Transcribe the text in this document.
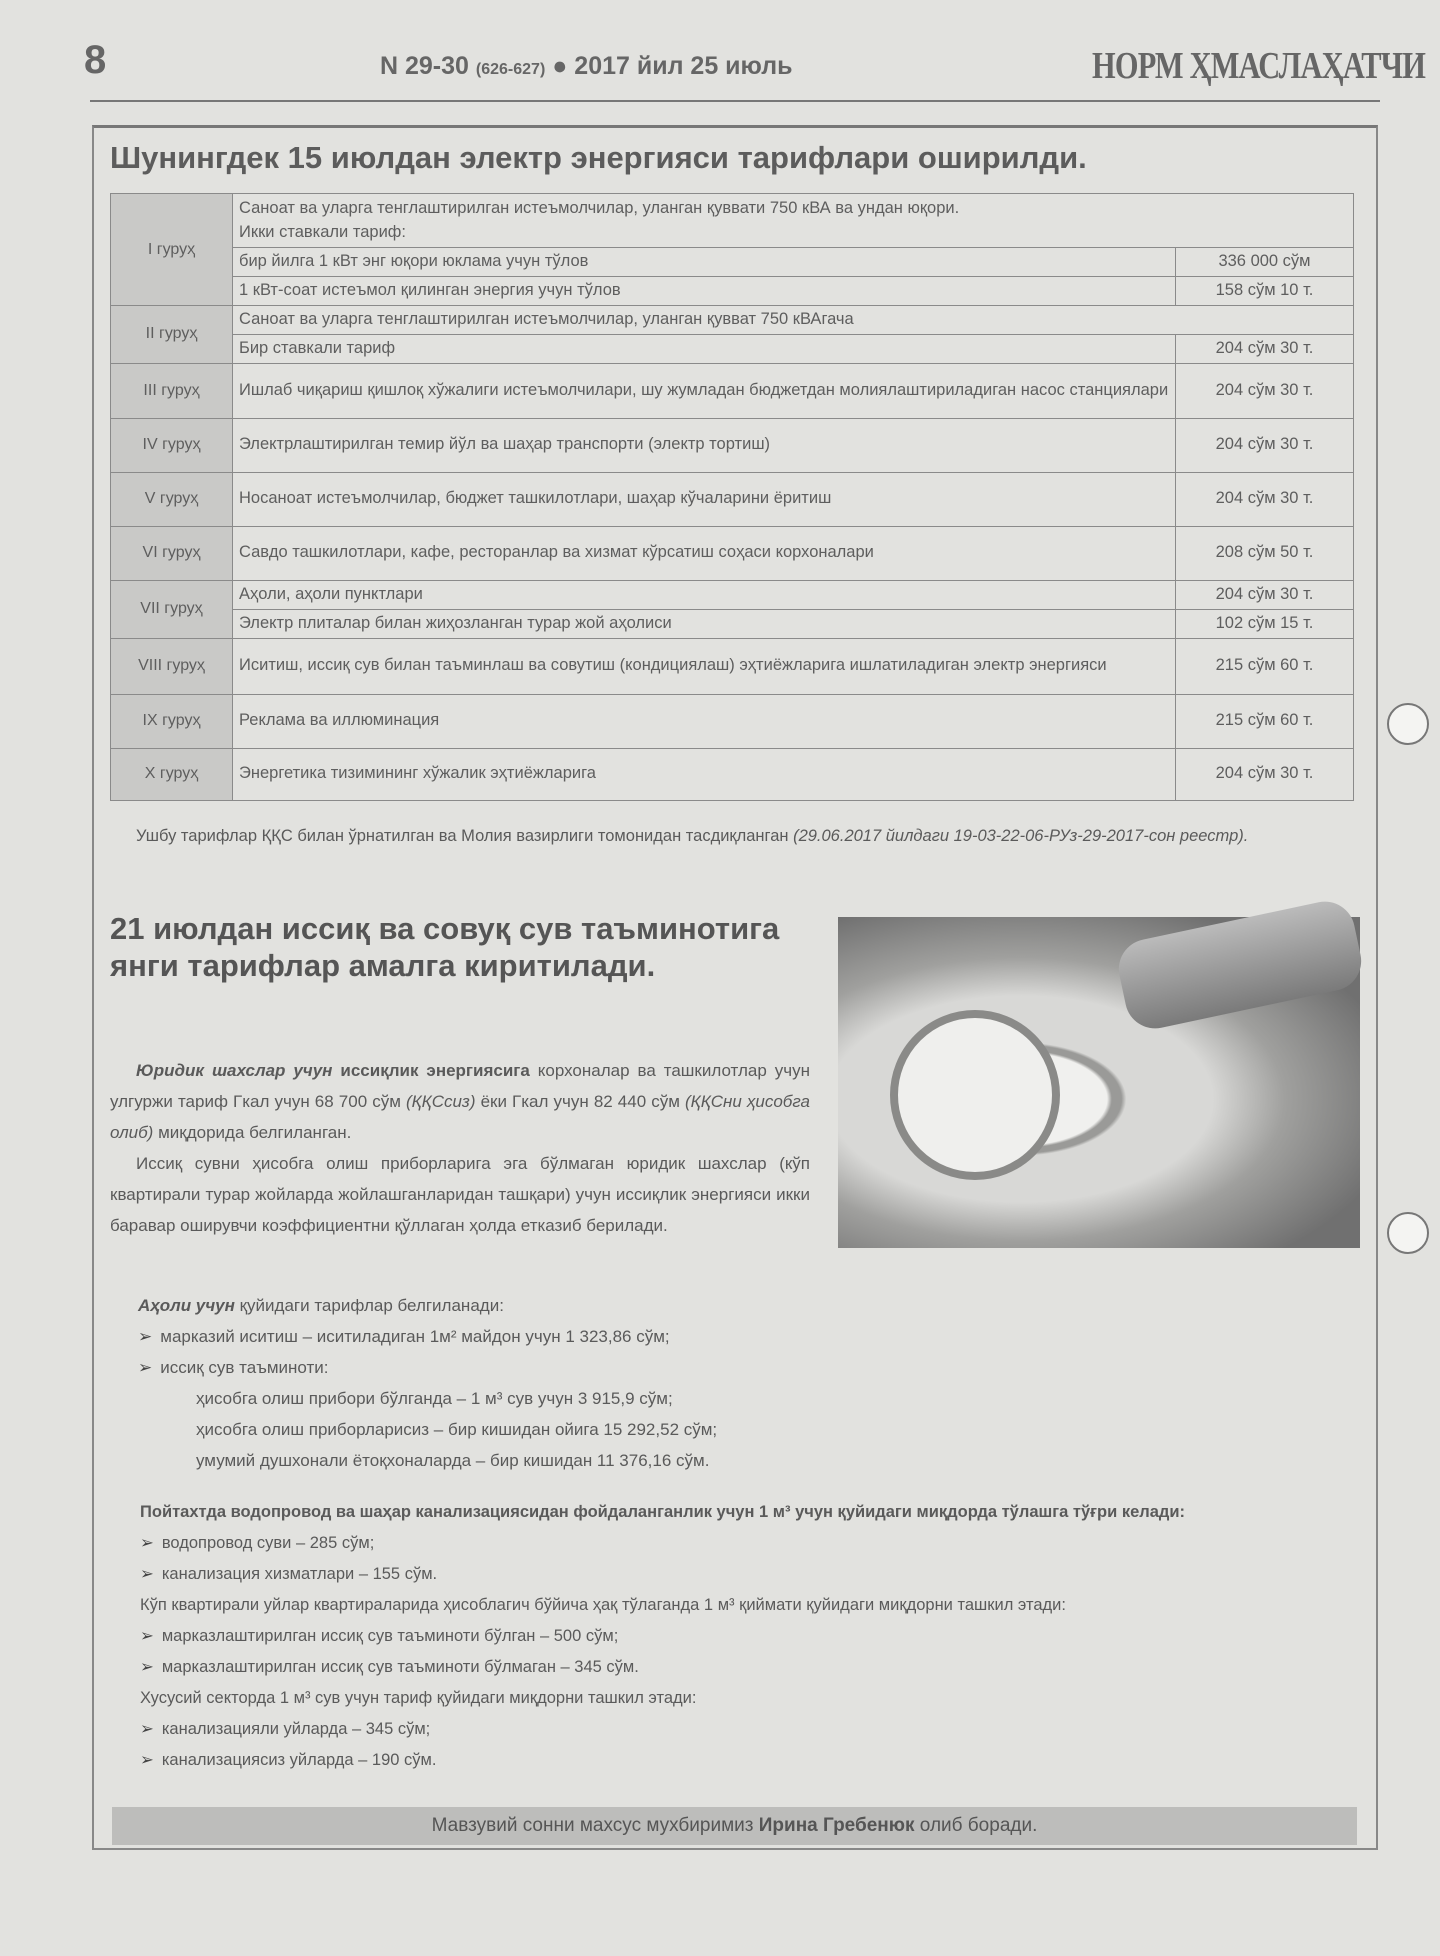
8	N 29-30 (626-627) ● 2017 йил 25 июль	НОРМ ҲМАСЛАҲАТЧИ
Шунингдек 15 июлдан электр энергияси тарифлари оширилди.
I гуруҳ	Саноат ва уларга тенглаштирилган истеъмолчилар, уланган қуввати 750 кВА ва ундан юқори.
Икки ставкали тариф:	

	бир йилга 1 кВт энг юқори юклама учун тўлов	336 000 сўм
	1 кВт-соат истеъмол қилинган энергия учун тўлов	158 сўм 10 т.
II гуруҳ	Саноат ва уларга тенглаштирилган истеъмолчилар, уланган қувват 750 кВАгача	
	Бир ставкали тариф	204 сўм 30 т.
III гуруҳ	Ишлаб чиқариш қишлоқ хўжалиги истеъмолчилари, шу жумладан бюджетдан молиялаштириладиган насос станциялари	204 сўм 30 т.
IV гуруҳ	Электрлаштирилган темир йўл ва шаҳар транспорти (электр тортиш)	204 сўм 30 т.
V гуруҳ	Носаноат истеъмолчилар, бюджет ташкилотлари, шаҳар кўчаларини ёритиш	204 сўм 30 т.
VI гуруҳ	Савдо ташкилотлари, кафе, ресторанлар ва хизмат кўрсатиш соҳаси корхоналари	208 сўм 50 т.
VII гуруҳ	Аҳоли, аҳоли пунктлари	204 сўм 30 т.
	Электр плиталар билан жиҳозланган турар жой аҳолиси	102 сўм 15 т.
VIII гуруҳ	Иситиш, иссиқ сув билан таъминлаш ва совутиш (кондициялаш) эҳтиёжларига ишлатиладиган электр энергияси	215 сўм 60 т.
IX гуруҳ	Реклама ва иллюминация	215 сўм 60 т.
X гуруҳ	Энергетика тизимининг хўжалик эҳтиёжларига	204 сўм 30 т.
Ушбу тарифлар ҚҚС билан ўрнатилган ва Молия вазирлиги томонидан тасдиқланган (29.06.2017 йилдаги 19-03-22-06-РУз-29-2017-сон реестр).
21 июлдан иссиқ ва совуқ сув таъминотига янги тарифлар амалга киритилади.

Юридик шахслар учун иссиқлик энергиясига корхоналар ва ташкилотлар учун улгуржи тариф Гкал учун 68 700 сўм (ҚҚСсиз) ёки Гкал учун 82 440 сўм (ҚҚСни ҳисобга олиб) миқдорида белгиланган.

Иссиқ сувни ҳисобга олиш приборларига эга бўлмаган юридик шахслар (кўп квартирали турар жойларда жойлашганларидан ташқари) учун иссиқлик энергияси икки баравар оширувчи коэффициентни қўллаган ҳолда етказиб берилади.

Аҳоли учун қуйидаги тарифлар белгиланади:
➢ марказий иситиш – иситиладиган 1м² майдон учун 1 323,86 сўм;
➢ иссиқ сув таъминоти:
ҳисобга олиш прибори бўлганда – 1 м³ сув учун 3 915,9 сўм;
ҳисобга олиш приборларисиз – бир кишидан ойига 15 292,52 сўм;
умумий душхонали ётоқхоналарда – бир кишидан 11 376,16 сўм.
Пойтахтда водопровод ва шаҳар канализациясидан фойдаланганлик учун 1 м³ учун қуйидаги миқдорда тўлашга тўғри келади:
➢ водопровод суви – 285 сўм;
➢ канализация хизматлари – 155 сўм.
Кўп квартирали уйлар квартираларида ҳисоблагич бўйича ҳақ тўлаганда 1 м³ қиймати қуйидаги миқдорни ташкил этади:
➢ марказлаштирилган иссиқ сув таъминоти бўлган – 500 сўм;
➢ марказлаштирилган иссиқ сув таъминоти бўлмаган – 345 сўм.
Хусусий секторда 1 м³ сув учун тариф қуйидаги миқдорни ташкил этади:
➢ канализацияли уйларда – 345 сўм;
➢ канализациясиз уйларда – 190 сўм.
Мавзувий сонни махсус мухбиримиз Ирина Гребенюк олиб боради.
